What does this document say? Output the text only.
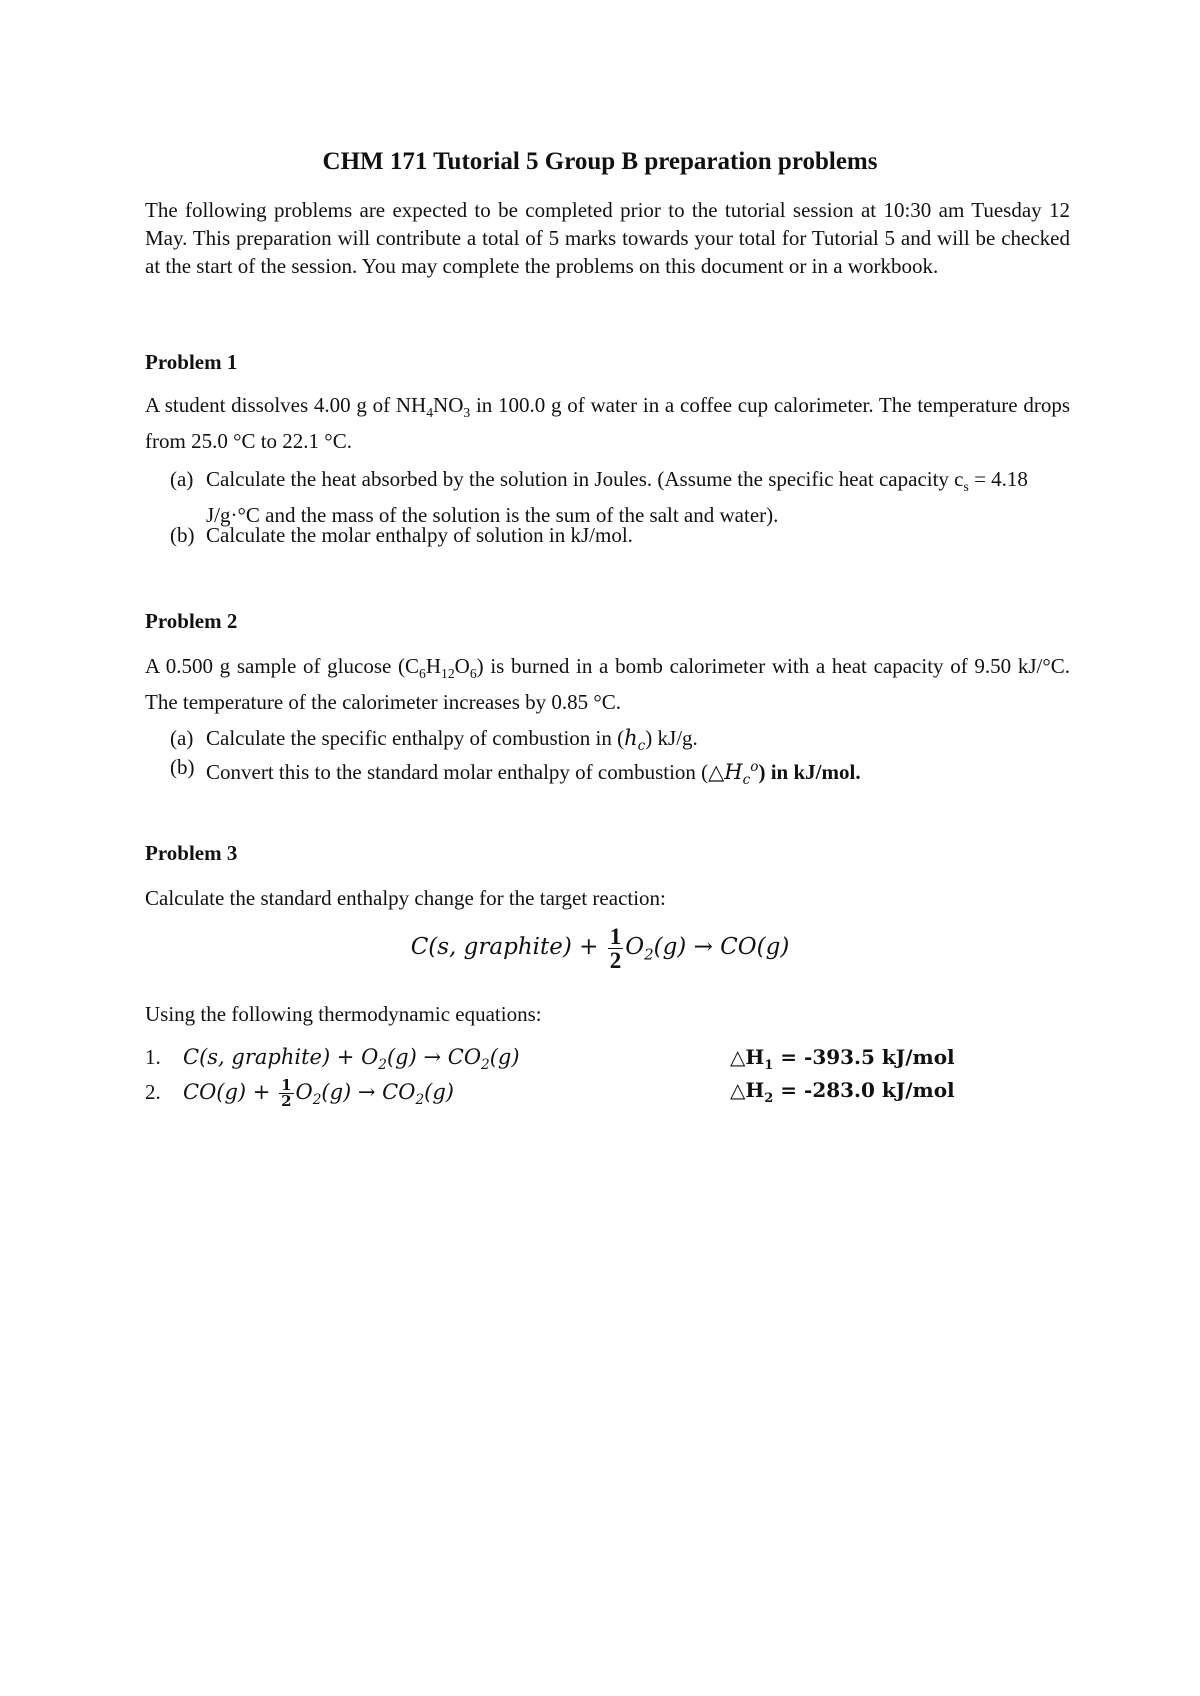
CHM 171 Tutorial 5 Group B preparation problems
The following problems are expected to be completed prior to the tutorial session at 10:30 am Tuesday 12 May. This preparation will contribute a total of 5 marks towards your total for Tutorial 5 and will be checked at the start of the session. You may complete the problems on this document or in a workbook.
Problem 1
A student dissolves 4.00 g of $NH_4NO_3$ in 100.0 g of water in a coffee cup calorimeter. The temperature drops from 25.0 °C to 22.1 °C.
(a) Calculate the heat absorbed by the solution in Joules. (Assume the specific heat capacity $c_s = 4.18$ J/g·°C and the mass of the solution is the sum of the salt and water).
(b) Calculate the molar enthalpy of solution in kJ/mol.
Problem 2
A 0.500 g sample of glucose $(C_6H_{12}O_6)$ is burned in a bomb calorimeter with a heat capacity of 9.50 kJ/°C. The temperature of the calorimeter increases by 0.85 °C.
(a) Calculate the specific enthalpy of combustion in $(h_c)$ kJ/g.
(b) Convert this to the standard molar enthalpy of combustion $(\triangle H_c^o)$ in kJ/mol.
Problem 3
Calculate the standard enthalpy change for the target reaction:
C(s, graphite) + $\frac{1}{2} O_2(g) \to CO(g)$
Using the following thermodynamic equations:
1. C(s, graphite) + $O_2(g) \to CO_2(g)$	$\triangle H_1 = -393.5$ kJ/mol
2. $CO(g) + \frac{1}{2} O_2(g) \to CO_2(g)$	$\triangle H_2 = -283.0$ kJ/mol
